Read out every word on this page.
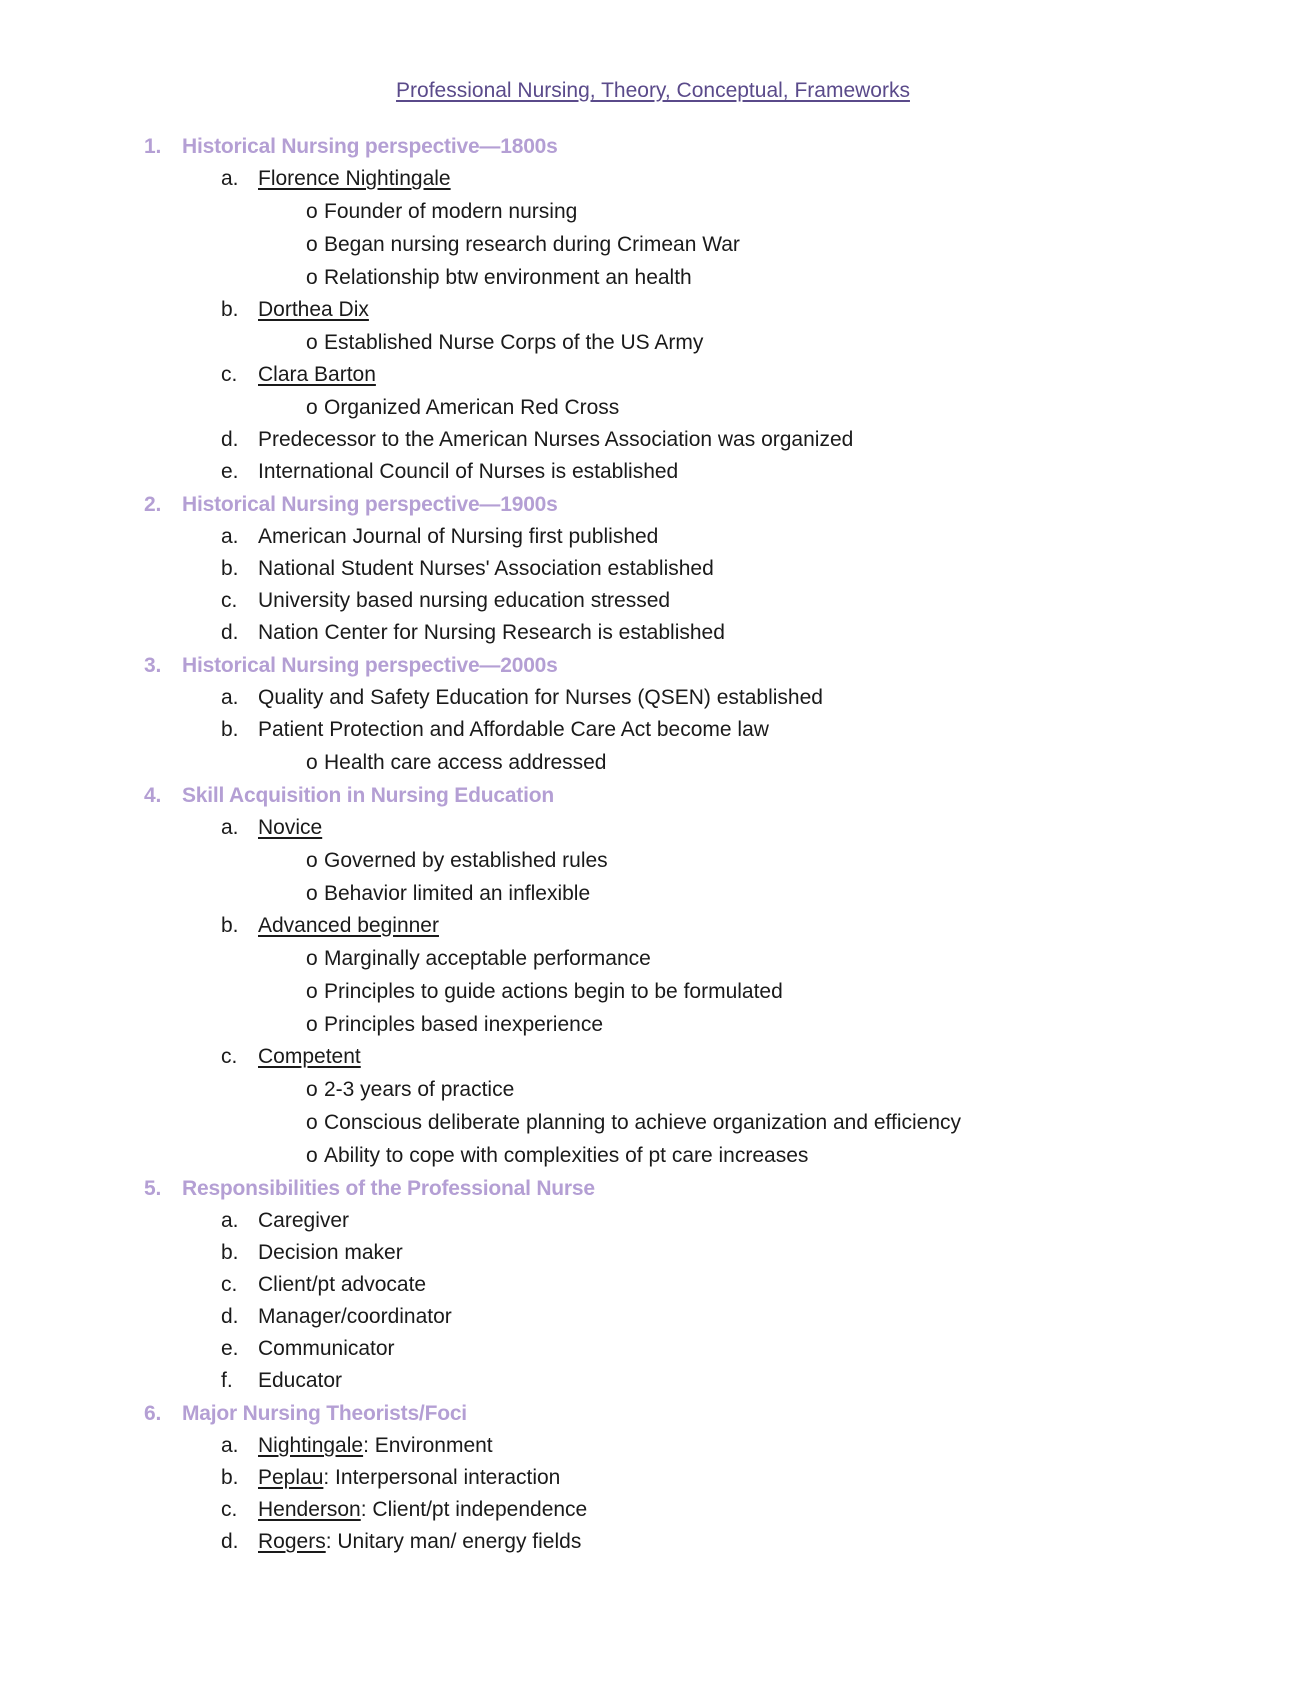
Professional Nursing, Theory, Conceptual, Frameworks
1. Historical Nursing perspective—1800s
a. Florence Nightingale
o Founder of modern nursing
o Began nursing research during Crimean War
o Relationship btw environment an health
b. Dorthea Dix
o Established Nurse Corps of the US Army
c. Clara Barton
o Organized American Red Cross
d. Predecessor to the American Nurses Association was organized
e. International Council of Nurses is established
2. Historical Nursing perspective—1900s
a. American Journal of Nursing first published
b. National Student Nurses' Association established
c. University based nursing education stressed
d. Nation Center for Nursing Research is established
3. Historical Nursing perspective—2000s
a. Quality and Safety Education for Nurses (QSEN) established
b. Patient Protection and Affordable Care Act become law
o Health care access addressed
4. Skill Acquisition in Nursing Education
a. Novice
o Governed by established rules
o Behavior limited an inflexible
b. Advanced beginner
o Marginally acceptable performance
o Principles to guide actions begin to be formulated
o Principles based inexperience
c. Competent
o 2-3 years of practice
o Conscious deliberate planning to achieve organization and efficiency
o Ability to cope with complexities of pt care increases
5. Responsibilities of the Professional Nurse
a. Caregiver
b. Decision maker
c. Client/pt advocate
d. Manager/coordinator
e. Communicator
f. Educator
6. Major Nursing Theorists/Foci
a. Nightingale: Environment
b. Peplau: Interpersonal interaction
c. Henderson: Client/pt independence
d. Rogers: Unitary man/ energy fields
